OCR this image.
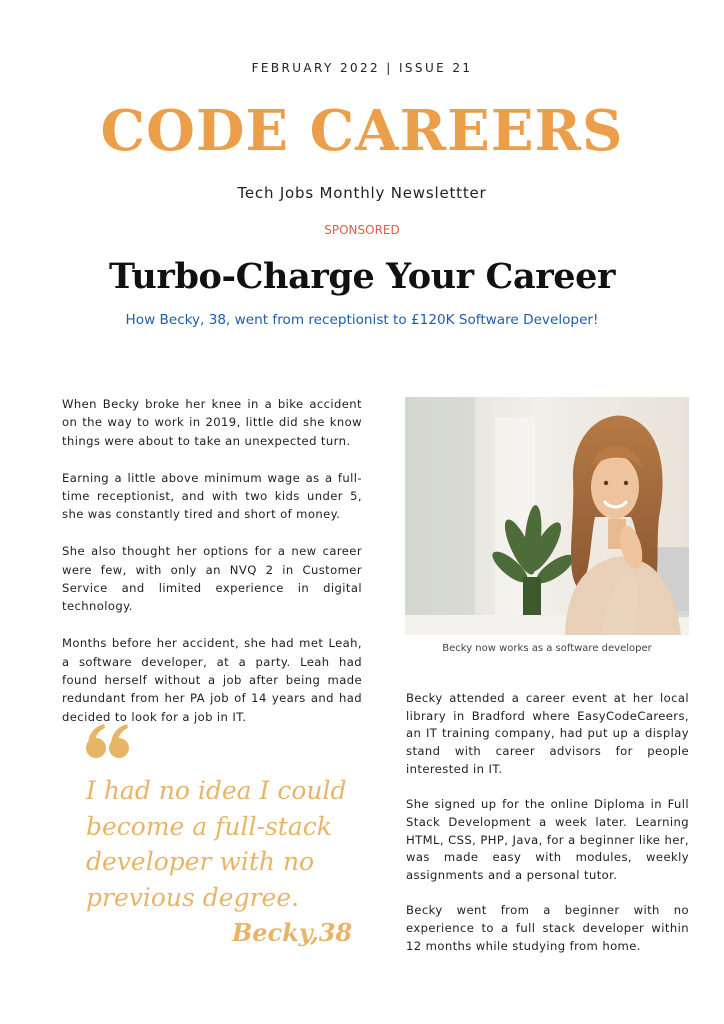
FEBRUARY 2022 | ISSUE 21
CODE CAREERS
Tech Jobs Monthly Newslettter
SPONSORED
Turbo-Charge Your Career
How Becky, 38, went from receptionist to £120K Software Developer!

When Becky broke her knee in a bike accident on the way to work in 2019, little did she know things were about to take an unexpected turn.

Earning a little above minimum wage as a full-time receptionist, and with two kids under 5, she was constantly tired and short of money.

She also thought her options for a new career were few, with only an NVQ 2 in Customer Service and limited experience in digital technology.

Months before her accident, she had met Leah, a software developer, at a party. Leah had found herself without a job after being made redundant from her PA job of 14 years and had decided to look for a job in IT.

I had no idea I could become a full-stack developer with no previous degree.
Becky,38
Becky now works as a software developer

Becky attended a career event at her local library in Bradford where EasyCodeCareers, an IT training company, had put up a display stand with career advisors for people interested in IT.

She signed up for the online Diploma in Full Stack Development a week later. Learning HTML, CSS, PHP, Java, for a beginner like her, was made easy with modules, weekly assignments and a personal tutor.

Becky went from a beginner with no experience to a full stack developer within 12 months while studying from home.
